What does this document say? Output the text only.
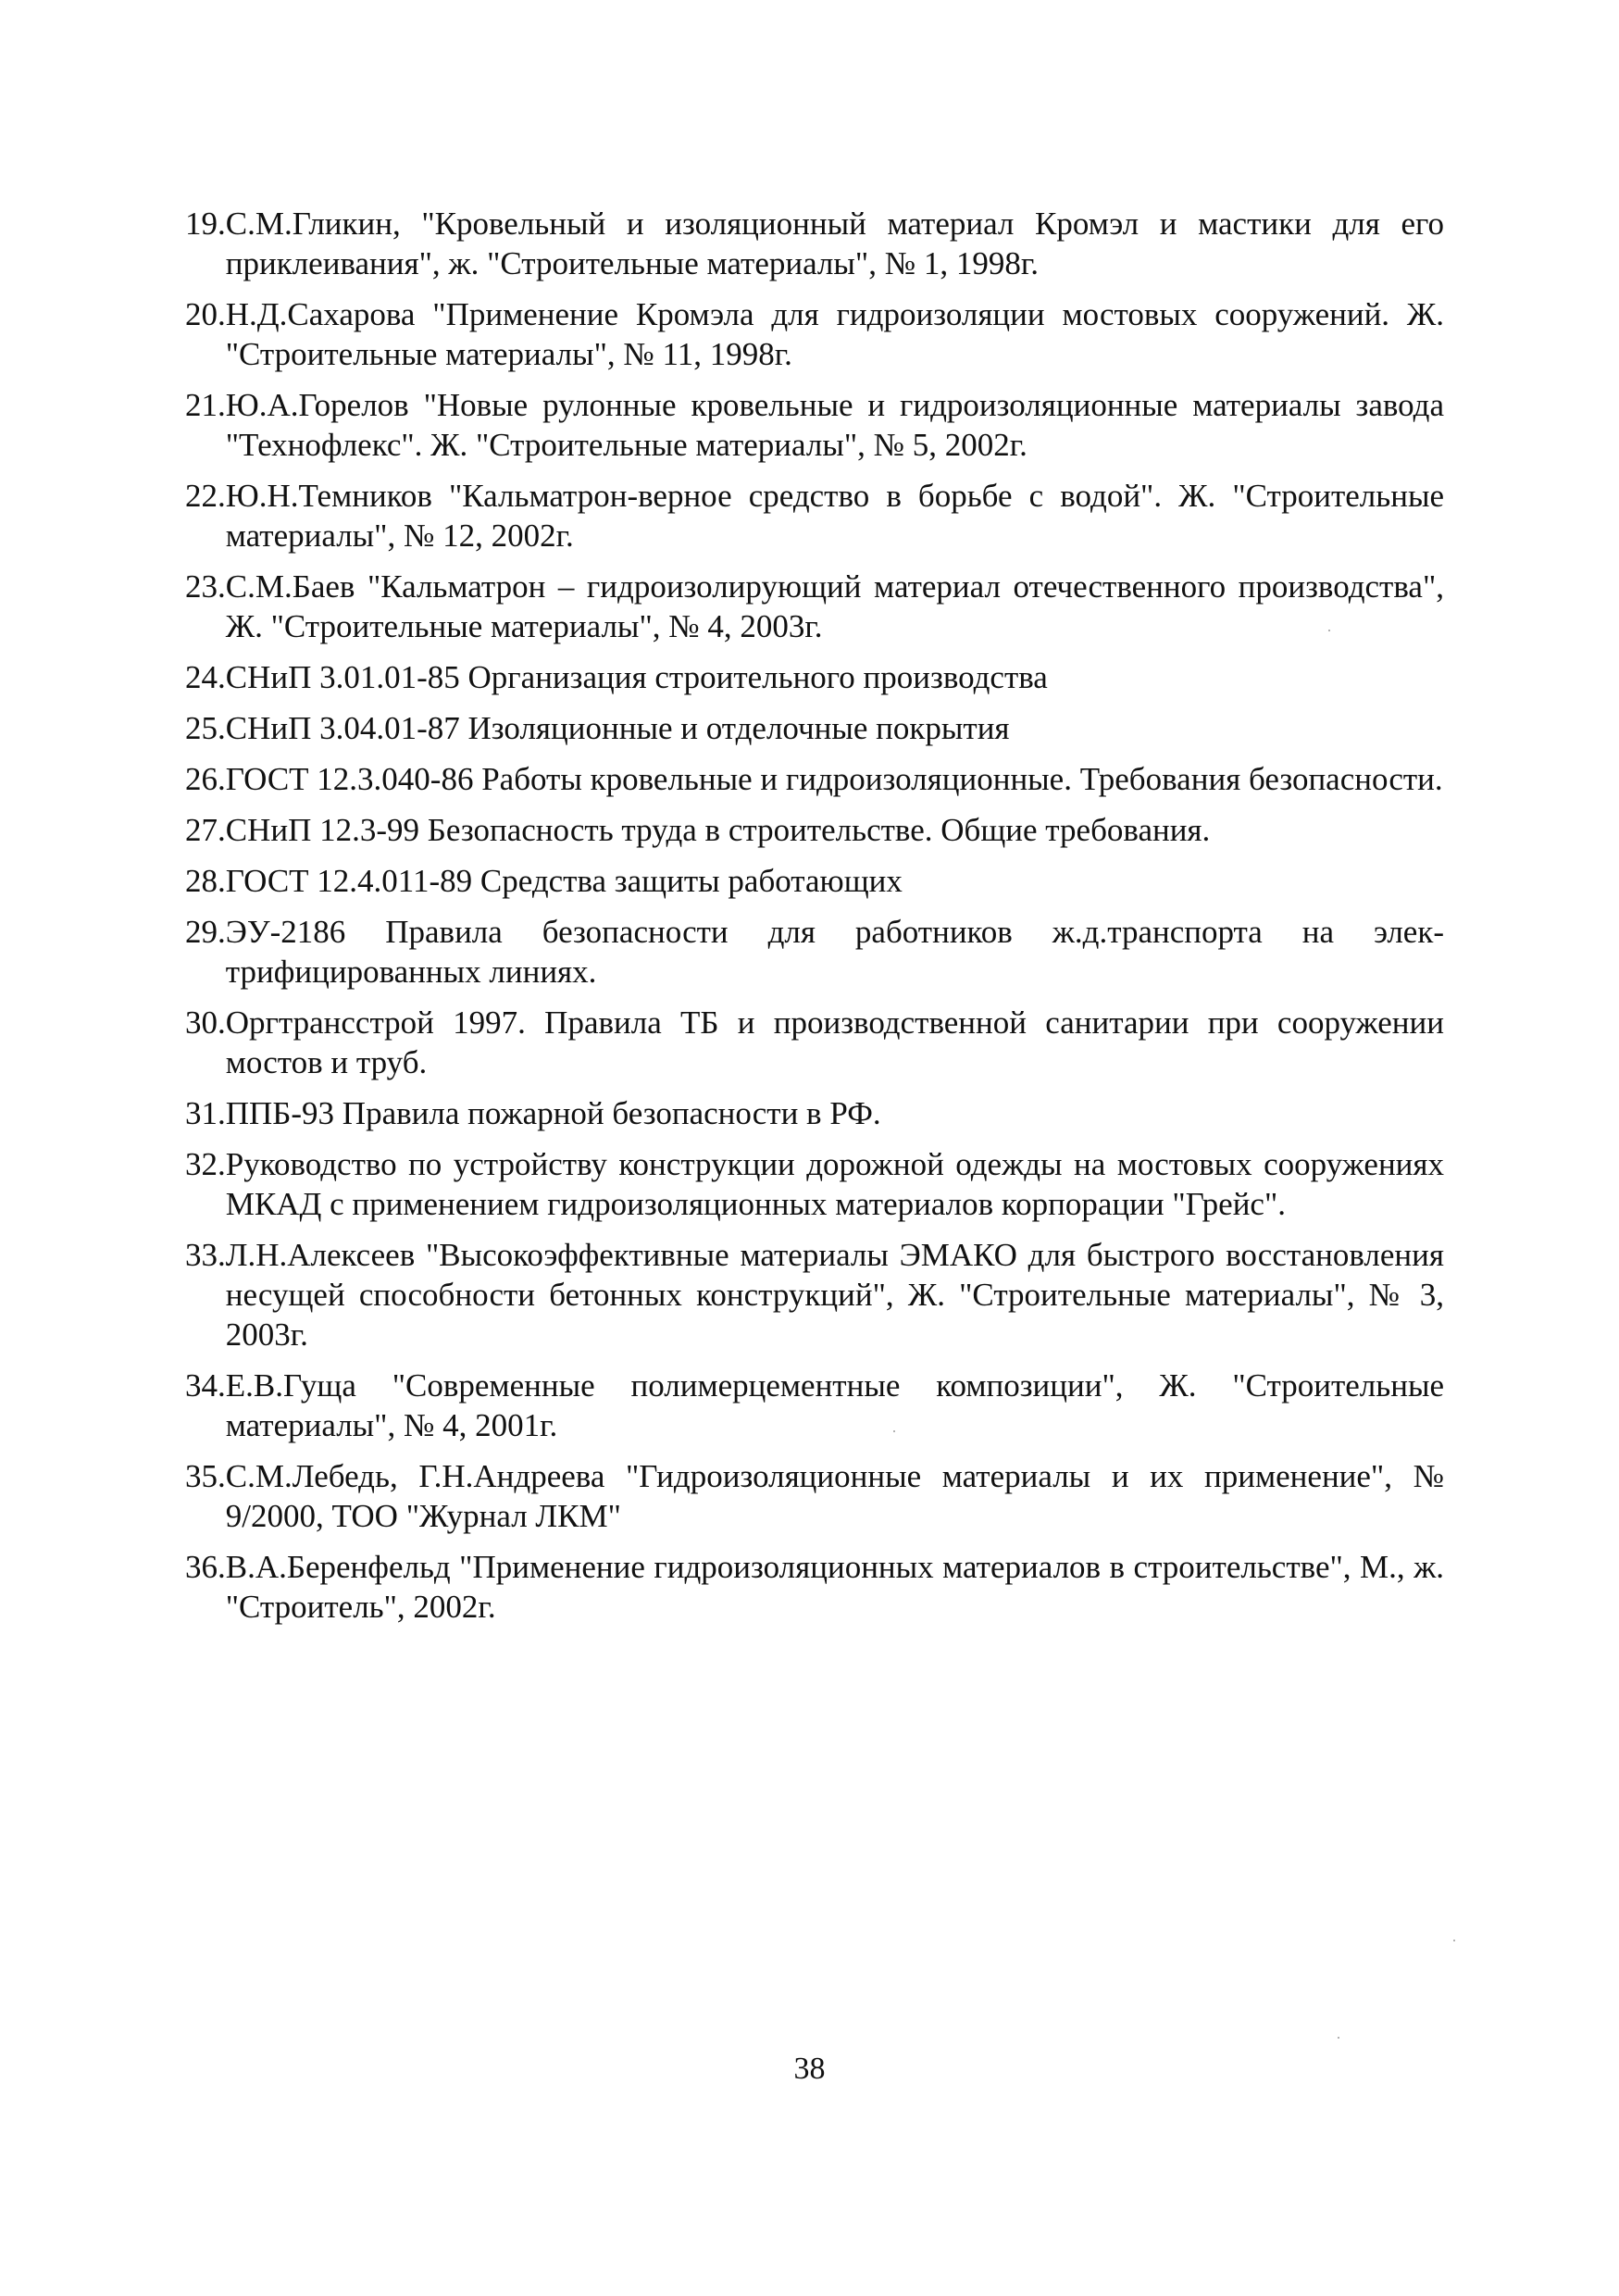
19. С.М.Гликин, "Кровельный и изоляционный материал Кромэл и мастики для его приклеивания", ж. "Строительные материалы", № 1, 1998г.
20. Н.Д.Сахарова "Применение Кромэла для гидроизоляции мостовых сооружений. Ж. "Строительные материалы", № 11, 1998г.
21. Ю.А.Горелов "Новые рулонные кровельные и гидроизоляционные материалы завода "Технофлекс". Ж. "Строительные материалы", № 5, 2002г.
22. Ю.Н.Темников "Кальматрон-верное средство в борьбе с водой". Ж. "Строительные материалы", № 12, 2002г.
23. С.М.Баев "Кальматрон – гидроизолирующий материал отечественного производства", Ж. "Строительные материалы", № 4, 2003г.
24. СНиП 3.01.01-85 Организация строительного производства
25. СНиП 3.04.01-87 Изоляционные и отделочные покрытия
26. ГОСТ 12.3.040-86 Работы кровельные и гидроизоляционные. Требования безопасности.
27. СНиП 12.3-99 Безопасность труда в строительстве. Общие требования.
28. ГОСТ 12.4.011-89 Средства защиты работающих
29. ЭУ-2186 Правила безопасности для работников ж.д.транспорта на электрифицированных линиях.
30. Оргтрансстрой 1997. Правила ТБ и производственной санитарии при сооружении мостов и труб.
31. ППБ-93 Правила пожарной безопасности в РФ.
32. Руководство по устройству конструкции дорожной одежды на мостовых сооружениях МКАД с применением гидроизоляционных материалов корпорации "Грейс".
33. Л.Н.Алексеев "Высокоэффективные материалы ЭМАКО для быстрого восстановления несущей способности бетонных конструкций", Ж. "Строительные материалы", № 3, 2003г.
34. Е.В.Гуща "Современные полимерцементные композиции", Ж. "Строительные материалы", № 4, 2001г.
35. С.М.Лебедь, Г.Н.Андреева "Гидроизоляционные материалы и их применение", № 9/2000, ТОО "Журнал ЛКМ"
36. В.А.Беренфельд "Применение гидроизоляционных материалов в строительстве", М., ж. "Строитель", 2002г.
38
